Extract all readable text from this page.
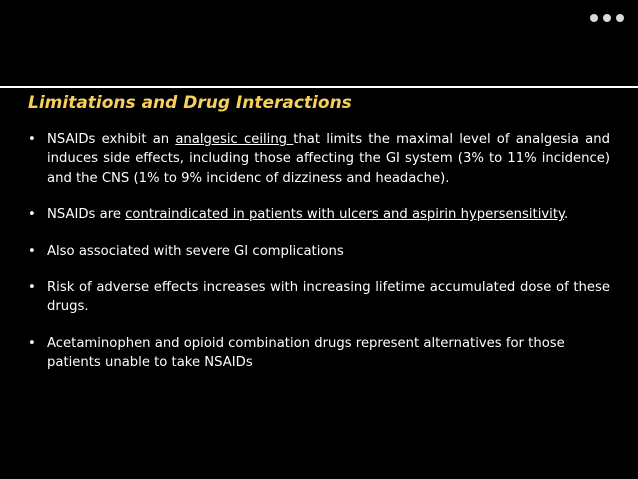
Limitations and Drug Interactions
• NSAIDs exhibit an analgesic ceiling that limits the maximal level of analgesia and induces side effects, including those affecting the GI system (3% to 11% incidence) and the CNS (1% to 9% incidenc of dizziness and headache).
• NSAIDs are contraindicated in patients with ulcers and aspirin hypersensitivity.
• Also associated with severe GI complications
• Risk of adverse effects increases with increasing lifetime accumulated dose of these drugs.
• Acetaminophen and opioid combination drugs represent alternatives for those patients unable to take NSAIDs
